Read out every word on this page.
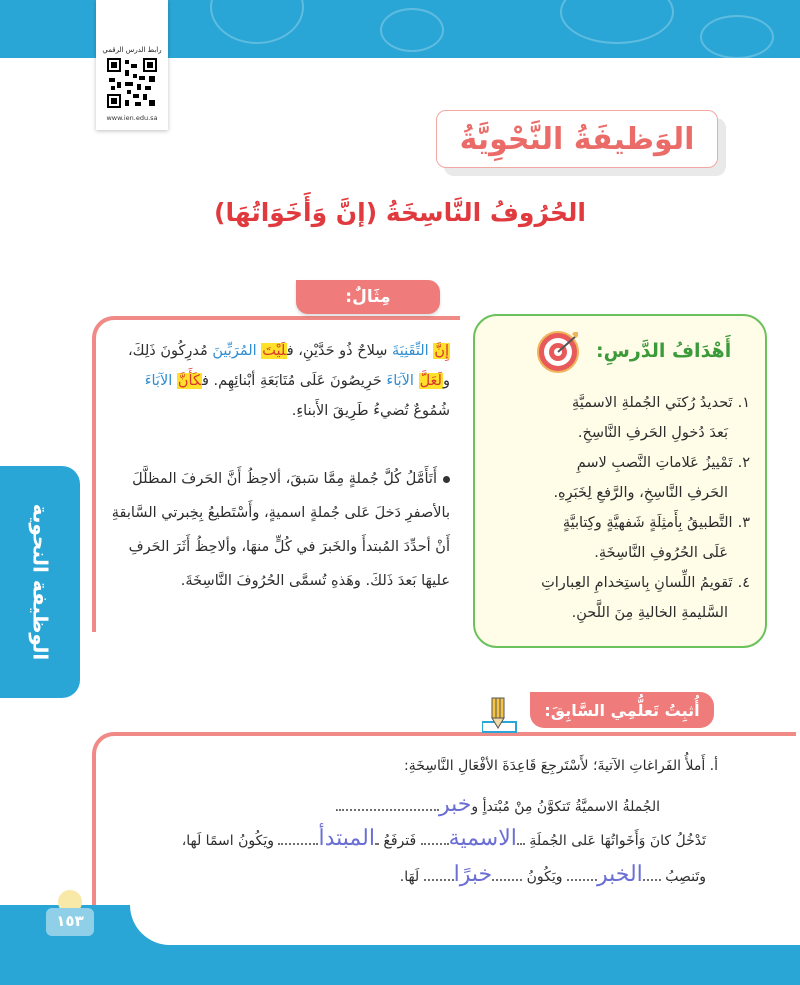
رابط الدرس الرقمي
www.ien.edu.sa
الوَظيفَةُ النَّحْوِيَّةُ
الحُرُوفُ النَّاسِخَةُ (إنَّ وَأَخَوَاتُهَا)
مِثَالٌ:
إِنَّ التِّقَنِيَةَ سِلاحٌ ذُو حَدَّيْنِ، فلَيْتَ المُرَبِّينَ مُدرِكُونَ ذَلِكَ،
ولَعَلَّ الآبَاءَ حَرِيصُونَ عَلَى مُتَابَعَةِ أبْنائِهِم. فكَأَنَّ الآبَاءَ
شُمُوعٌ تُضيءُ طَرِيقَ الأَبناءِ.
أَتَأَمَّلُ كُلَّ جُملةٍ مِمَّا سَبقَ، ألاحِظُ أَنَّ الحَرفَ المظلَّلَ بالأصفرِ دَخلَ عَلى جُملةٍ اسميةٍ، وأَسْتَطيعُ بِخِبرتي السَّابقةِ أَنْ أحدِّدَ المُبتدأَ والخَبرَ في كُلٍّ منهَا، وألاحِظُ أَثَرَ الحَرفِ عليهَا بَعدَ ذَلكَ. وهَذهِ تُسمَّى الحُرُوفَ النَّاسِخَةَ.
أَهْدَافُ الدَّرسِ:
١.تَحديدُ رُكنَي الجُملةِ الاسميَّةِ
بَعدَ دُخولِ الحَرفِ النَّاسِخِ.
٢.تَمْييزُ عَلاماتِ النَّصبِ لاسمِ
الحَرفِ النَّاسِخِ، والرَّفعِ لِخَبَرِهِ.
٣.التَّطبيقُ بِأَمثِلَةٍ شَفهيَّةٍ وكِتابيَّةٍ
عَلَى الحُرُوفِ النَّاسِخَةِ.
٤.تَقويمُ اللِّسانِ بِاستِخدامِ العِباراتِ
السَّليمةِ الخاليةِ مِنَ اللَّحنِ.
الوظيفة النحوية
أُثبِتُ تَعلُّمِي السَّابِقَ:
أ. أَملأُ الفَراغاتِ الآتيةَ؛ لأَسْتَرجِعَ قَاعِدَةَ الأفْعَالِ النَّاسِخَةِ:
الجُملةُ الاسميَّةُ تَتكوَّنُ مِنْ مُبْتدأٍ وخبر.
تَدْخُلُ كانَ وَأَخَواتُهَا عَلى الجُملَةِ الاسمية فَترفَعُ المبتدأ ويَكُونُ اسمًا لَها،
وتَنصِبُ الخبر ويَكُونُ خبرًا لَهَا.
١٥٣
